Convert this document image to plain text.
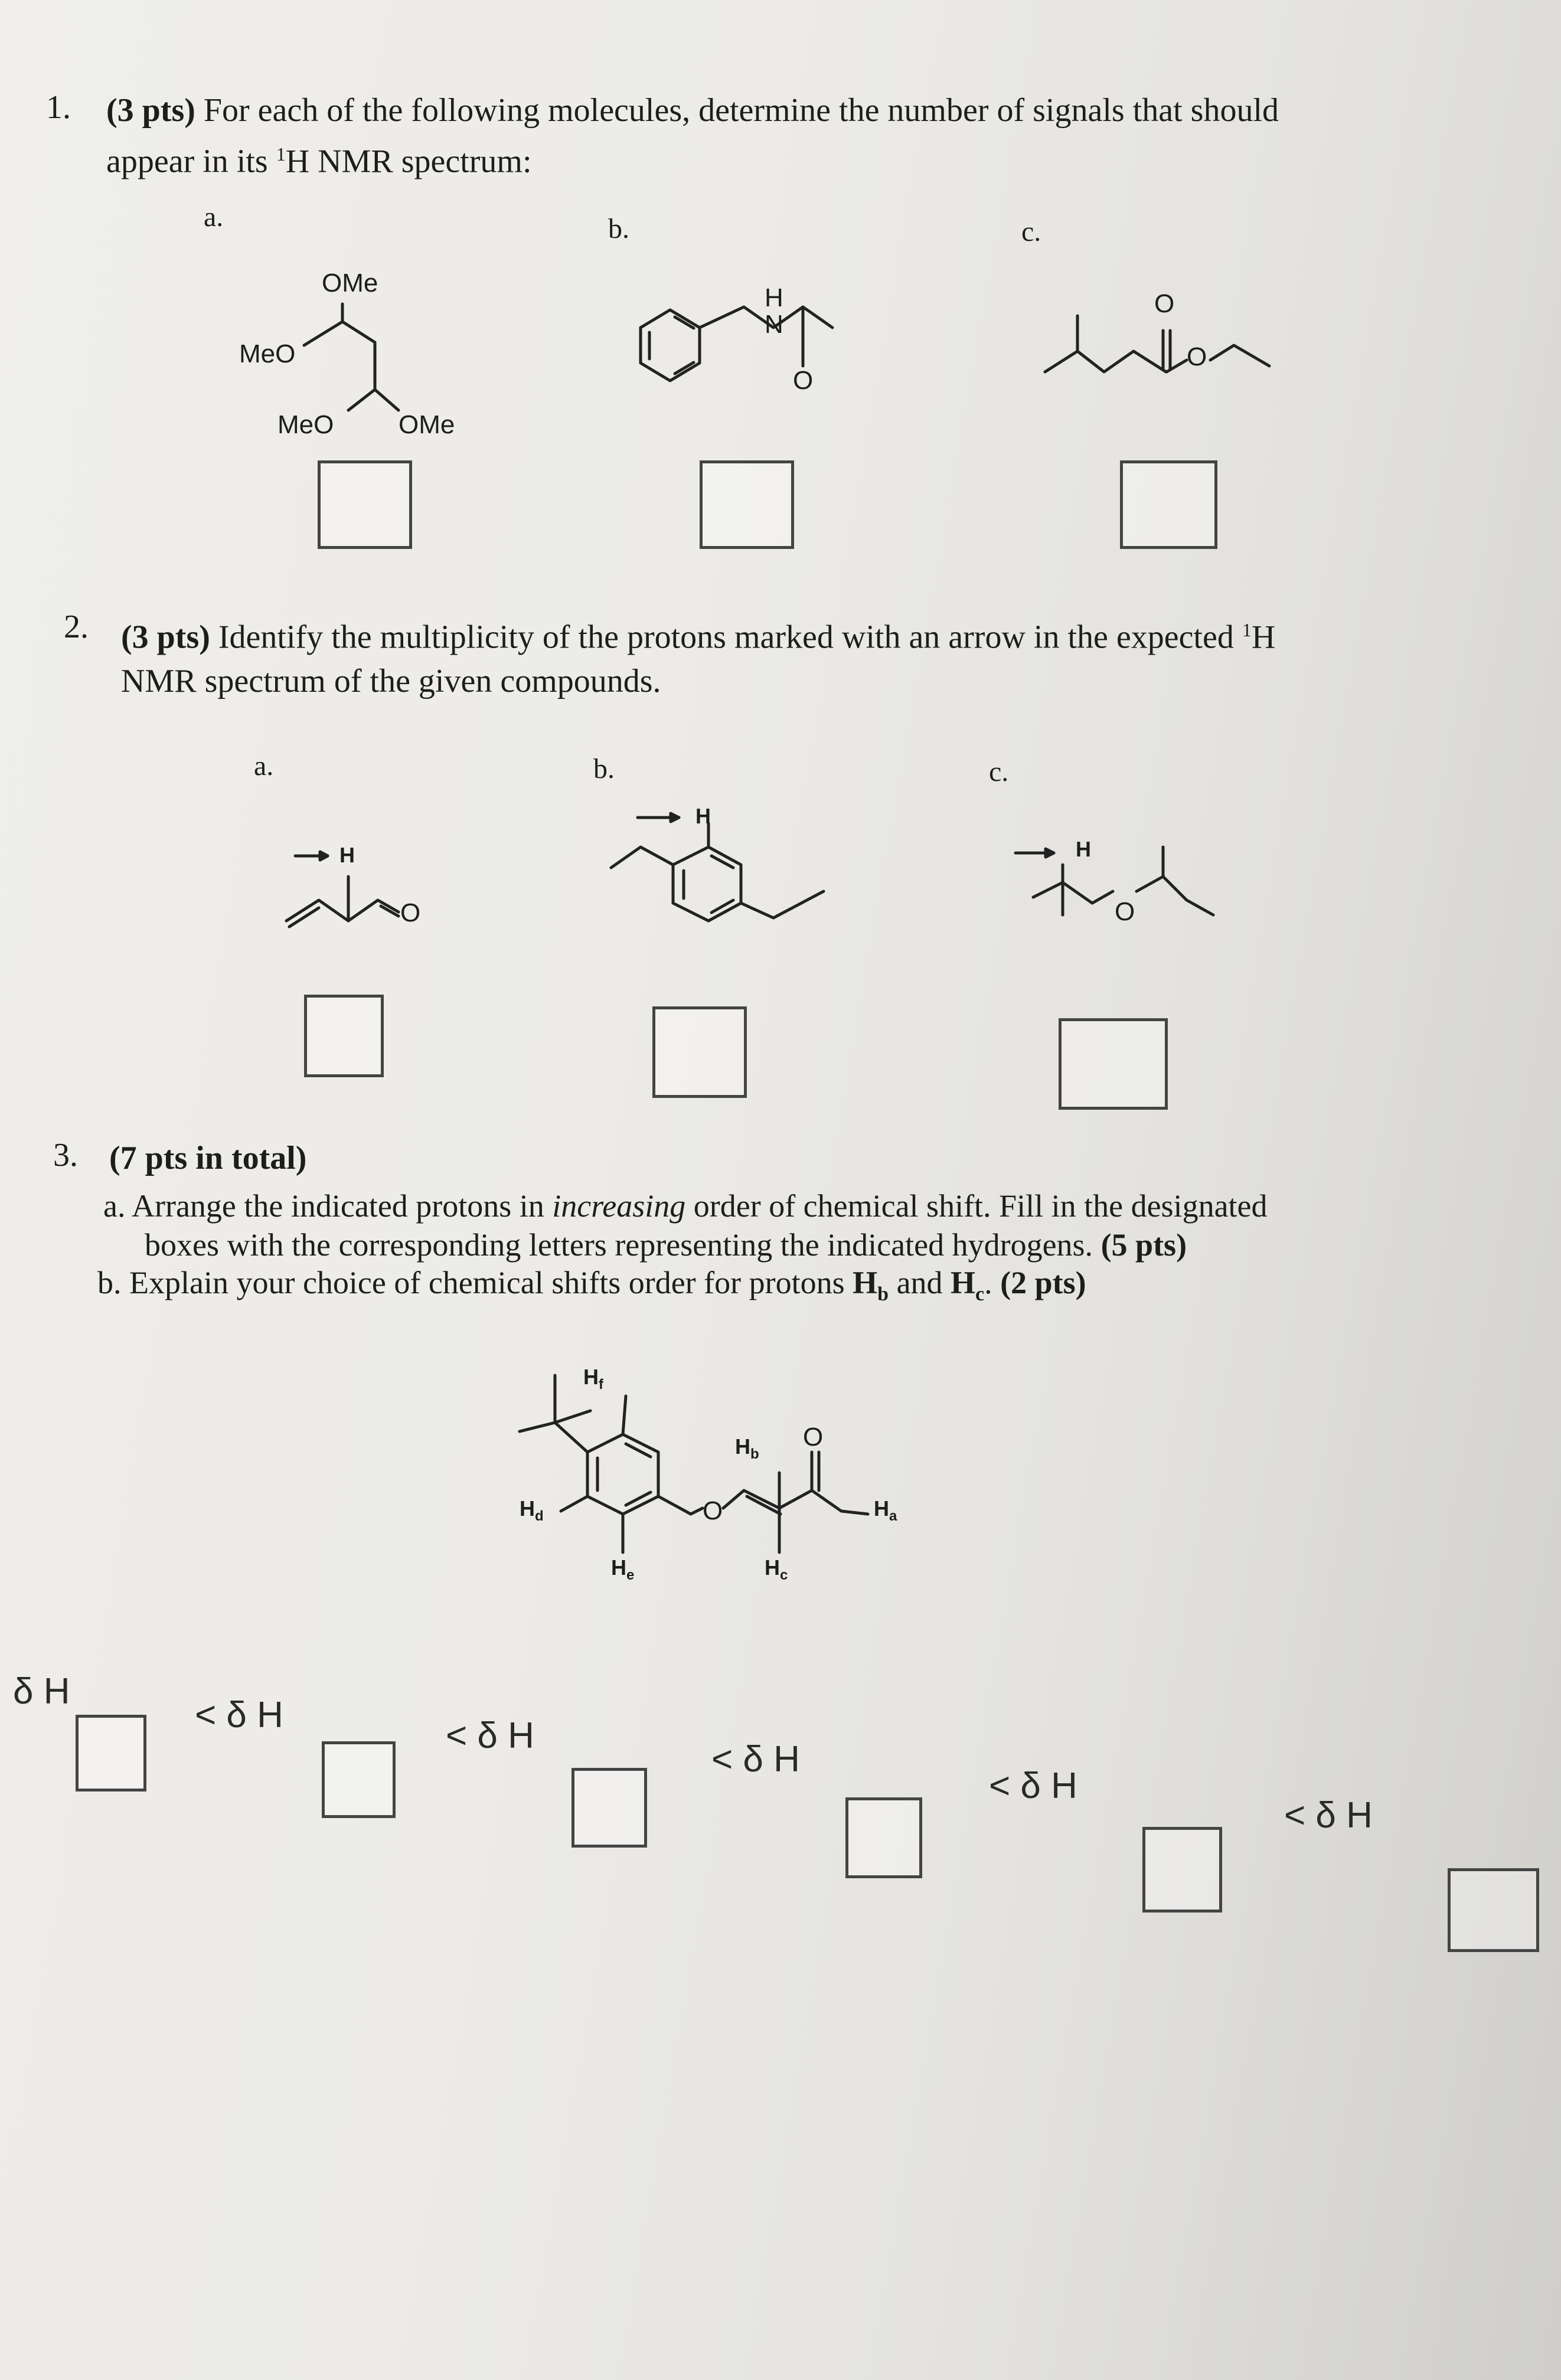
1. (3 pts) For each of the following molecules, determine the number of signals that should
appear in its $^1$H NMR spectrum:
a.	b.	c.
OMe
MeO
MeO OMe
H
N
O
O
O
2. (3 pts) Identify the multiplicity of the protons marked with an arrow in the expected $^1$H
NMR spectrum of the given compounds.
a.	b.	c.
H
O
H
H
O
3. (7 pts in total)
a. Arrange the indicated protons in increasing order of chemical shift. Fill in the designated
boxes with the corresponding letters representing the indicated hydrogens. (5 pts)
b. Explain your choice of chemical shifts order for protons $H_b$ and $H_c$. (2 pts)
$H_f$
$H_d$
$H_e$
$H_b$
$H_c$
$H_a$
O
O
δ H
< δ H
< δ H
< δ H
< δ H
< δ H
